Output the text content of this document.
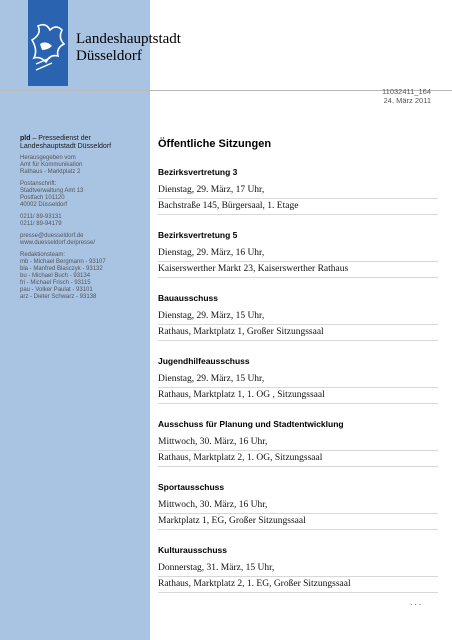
Landeshauptstadt
Düsseldorf
11032411_164
24. März 2011
pld – Pressedienst der Landeshauptstadt Düsseldorf
Herausgegeben vom
Amt für Kommunikation
Rathaus - Marktplatz 2
Postanschrift:
Stadtverwaltung Amt 13
Postfach 101120
40002 Düsseldorf
0211/ 89-93131
0211/ 89-94179
presse@duesseldorf.de
www.duesseldorf.de/presse/
Redaktionsteam:
mb - Michael Bergmann - 93107
bla - Manfred Blasczyk - 93132
bu - Michael Buch - 93134
fri - Michael Frisch - 93115
pau - Volker Paulat - 93101
arz - Dieter Schwarz - 93138
Öffentliche Sitzungen
Bezirksvertretung 3
Dienstag, 29. März, 17 Uhr,
Bachstraße 145, Bürgersaal, 1. Etage
Bezirksvertretung 5
Dienstag, 29. März, 16 Uhr,
Kaiserswerther Markt 23, Kaiserswerther Rathaus
Bauausschuss
Dienstag, 29. März, 15 Uhr,
Rathaus, Marktplatz 1, Großer Sitzungssaal
Jugendhilfeausschuss
Dienstag, 29. März, 15 Uhr,
Rathaus, Marktplatz 1, 1. OG , Sitzungssaal
Ausschuss für Planung und Stadtentwicklung
Mittwoch, 30. März, 16 Uhr,
Rathaus, Marktplatz 2, 1. OG, Sitzungssaal
Sportausschuss
Mittwoch, 30. März, 16 Uhr,
Marktplatz 1, EG, Großer Sitzungssaal
Kulturausschuss
Donnerstag, 31. März, 15 Uhr,
Rathaus, Marktplatz 2, 1. EG, Großer Sitzungssaal
. . .
